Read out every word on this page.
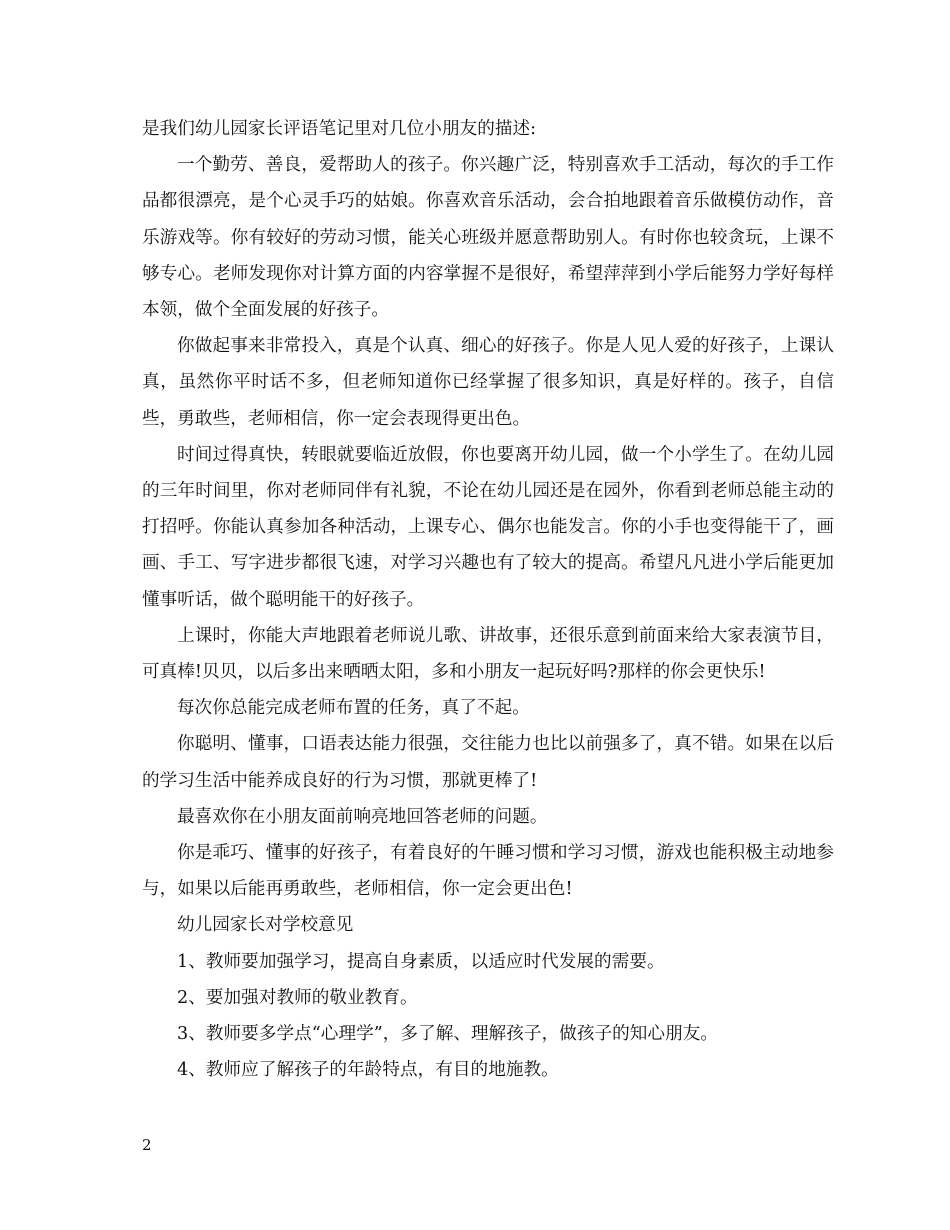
是我们幼儿园家长评语笔记里对几位小朋友的描述:

一个勤劳、善良，爱帮助人的孩子。你兴趣广泛，特别喜欢手工活动，每次的手工作品都很漂亮，是个心灵手巧的姑娘。你喜欢音乐活动，会合拍地跟着音乐做模仿动作，音乐游戏等。你有较好的劳动习惯，能关心班级并愿意帮助别人。有时你也较贪玩，上课不够专心。老师发现你对计算方面的内容掌握不是很好，希望萍萍到小学后能努力学好每样本领，做个全面发展的好孩子。

你做起事来非常投入，真是个认真、细心的好孩子。你是人见人爱的好孩子，上课认真，虽然你平时话不多，但老师知道你已经掌握了很多知识，真是好样的。孩子，自信些，勇敢些，老师相信，你一定会表现得更出色。

时间过得真快，转眼就要临近放假，你也要离开幼儿园，做一个小学生了。在幼儿园的三年时间里，你对老师同伴有礼貌，不论在幼儿园还是在园外，你看到老师总能主动的打招呼。你能认真参加各种活动，上课专心、偶尔也能发言。你的小手也变得能干了，画画、手工、写字进步都很飞速，对学习兴趣也有了较大的提高。希望凡凡进小学后能更加懂事听话，做个聪明能干的好孩子。

上课时，你能大声地跟着老师说儿歌、讲故事，还很乐意到前面来给大家表演节目，可真棒!贝贝，以后多出来晒晒太阳，多和小朋友一起玩好吗?那样的你会更快乐!

每次你总能完成老师布置的任务，真了不起。

你聪明、懂事，口语表达能力很强，交往能力也比以前强多了，真不错。如果在以后的学习生活中能养成良好的行为习惯，那就更棒了!

最喜欢你在小朋友面前响亮地回答老师的问题。

你是乖巧、懂事的好孩子，有着良好的午睡习惯和学习习惯，游戏也能积极主动地参与，如果以后能再勇敢些，老师相信，你一定会更出色!

幼儿园家长对学校意见

1、教师要加强学习，提高自身素质，以适应时代发展的需要。

2、要加强对教师的敬业教育。

3、教师要多学点“心理学”，多了解、理解孩子，做孩子的知心朋友。

4、教师应了解孩子的年龄特点，有目的地施教。

2
